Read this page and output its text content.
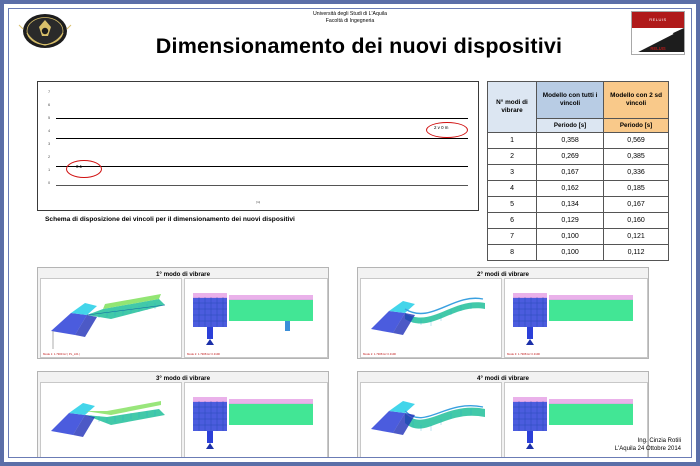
Università degli Studi di L'Aquila
Facoltà di Ingegneria	RELUIS
RELUIS
Dimensionamento dei nuovi dispositivi
7
6
5
4
3
2
1
0
0.1
2 v 0 m
[m]
Schema di disposizione dei vincoli per il dimensionamento dei nuovi dispositivi
N° modi di vibrare	Modello con tutti i vincoli	Modello con 2 sd vincoli
	Periodo [s]	Periodo [s]
1	0,358	0,569
2	0,269	0,385
3	0,167	0,336
4	0,162	0,185
5	0,134	0,167
6	0,129	0,160
7	0,100	0,121
8	0,100	0,112
1° modo di vibrare
Mode 1: 1.7909 Hz | PL_L01 |	Mode 2: 1.7908 Hz 0.3190
2° modi di vibrare
Mode 2: 1.7908 Hz 0.3190	Mode 3: 1.7908 Hz 0.3190
3° modo di vibrare
Mode 3: 1.0959 Hz | 01 |	Mode 2: 1.2908 Hz 0.3190
4° modi di vibrare
Mode 3: 1.6081 Hz 0.3190	Mode 4: 1.6081 Hz 0.3190
Ing. Cinzia Rotili
L'Aquila 24 Ottobre 2014
